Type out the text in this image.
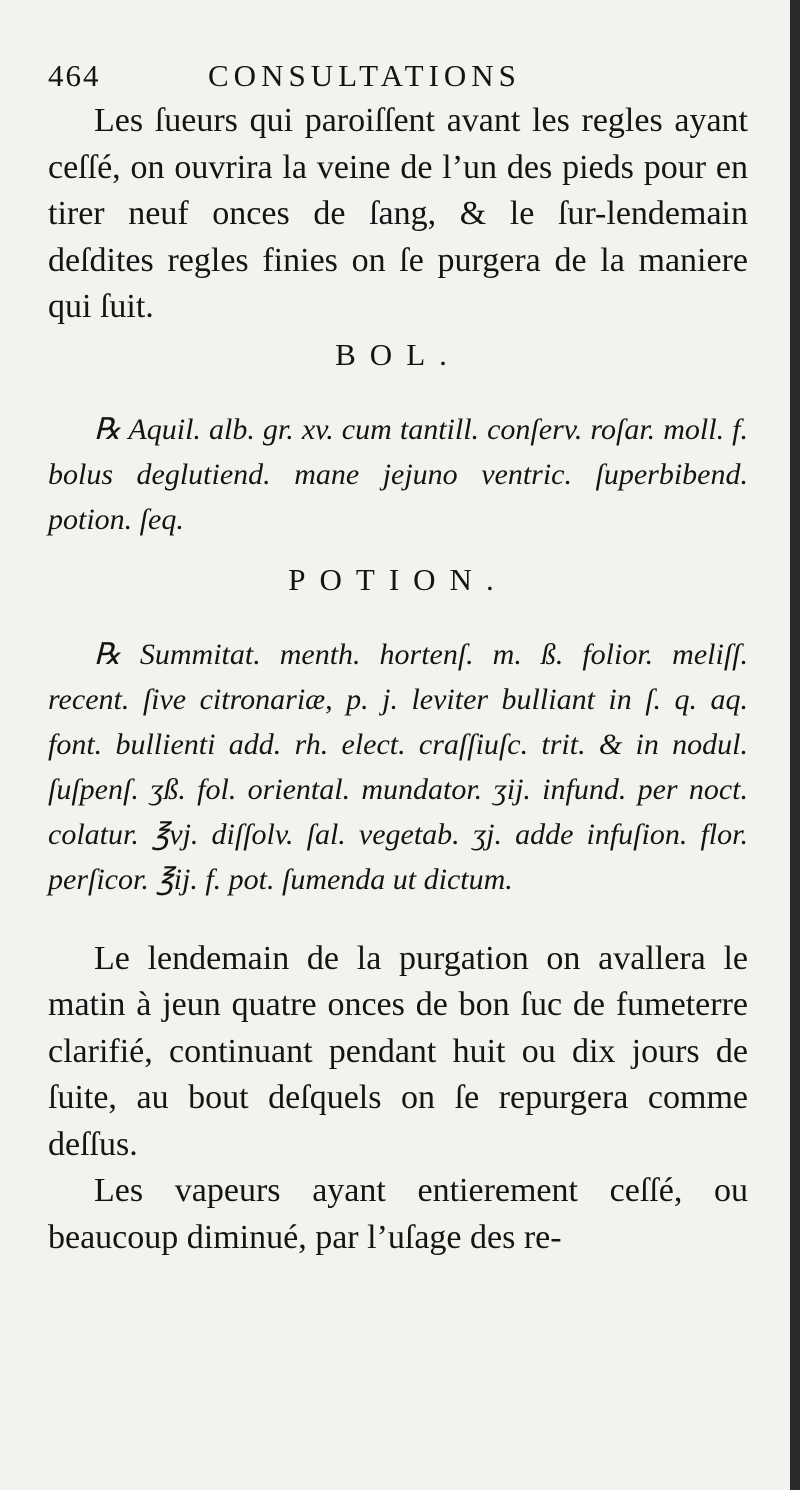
464	CONSULTATIONS

Les ſueurs qui paroiſſent avant les regles ayant ceſſé, on ouvrira la veine de l’un des pieds pour en tirer neuf onces de ſang, & le ſur-lendemain deſdites regles finies on ſe purgera de la maniere qui ſuit.

BOL.

℞ Aquil. alb. gr. xv. cum tantill. conſerv. roſar. moll. f. bolus deglutiend. mane jejuno ventric. ſuperbibend. potion. ſeq.

POTION.

℞ Summitat. menth. hortenſ. m. ß. folior. meliſſ. recent. ſive citronariæ, p. j. leviter bulliant in ſ. q. aq. font. bullienti add. rh. elect. craſſiuſc. trit. & in nodul. ſuſpenſ. ʒß. fol. oriental. mundator. ʒij. infund. per noct. colatur. ℥vj. diſſolv. ſal. vegetab. ʒj. adde infuſion. flor. perſicor. ℥ij. f. pot. ſumenda ut dictum.

Le lendemain de la purgation on avallera le matin à jeun quatre onces de bon ſuc de fumeterre clarifié, continuant pendant huit ou dix jours de ſuite, au bout deſquels on ſe repurgera comme deſſus.

Les vapeurs ayant entierement ceſſé, ou beaucoup diminué, par l’uſage des re-
